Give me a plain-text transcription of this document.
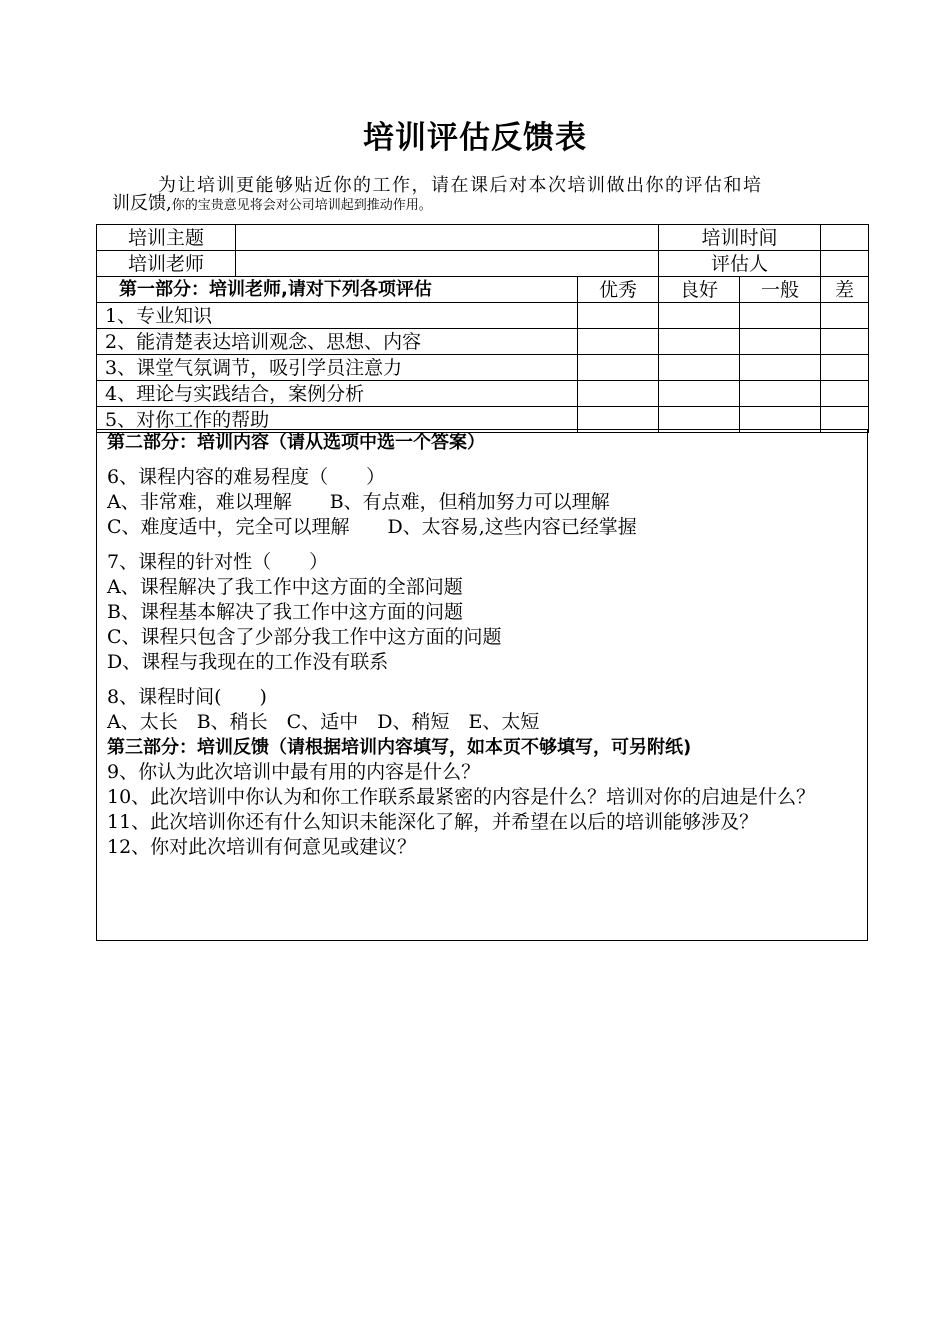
培训评估反馈表
为让培训更能够贴近你的工作，请在课后对本次培训做出你的评估和培
训反馈,你的宝贵意见将会对公司培训起到推动作用。
培训主题			培训时间		
培训老师			评估人		
第一部分：培训老师,请对下列各项评估		优秀	良好	一般	差
1、专业知识					
2、能清楚表达培训观念、思想、内容					
3、课堂气氛调节，吸引学员注意力					
4、理论与实践结合，案例分析					
5、对你工作的帮助					

第二部分：培训内容（请从选项中选一个答案）

6、课程内容的难易程度（　　）

A、非常难，难以理解　　B、有点难，但稍加努力可以理解

C、难度适中，完全可以理解　　D、太容易,这些内容已经掌握

7、课程的针对性（　　）

A、课程解决了我工作中这方面的全部问题

B、课程基本解决了我工作中这方面的问题

C、课程只包含了少部分我工作中这方面的问题

D、课程与我现在的工作没有联系

8、课程时间(　　)

A、太长　B、稍长　C、适中　D、稍短　E、太短

第三部分：培训反馈（请根据培训内容填写，如本页不够填写，可另附纸)

9、你认为此次培训中最有用的内容是什么？

10、此次培训中你认为和你工作联系最紧密的内容是什么？培训对你的启迪是什么？

11、此次培训你还有什么知识未能深化了解，并希望在以后的培训能够涉及？

12、你对此次培训有何意见或建议？
